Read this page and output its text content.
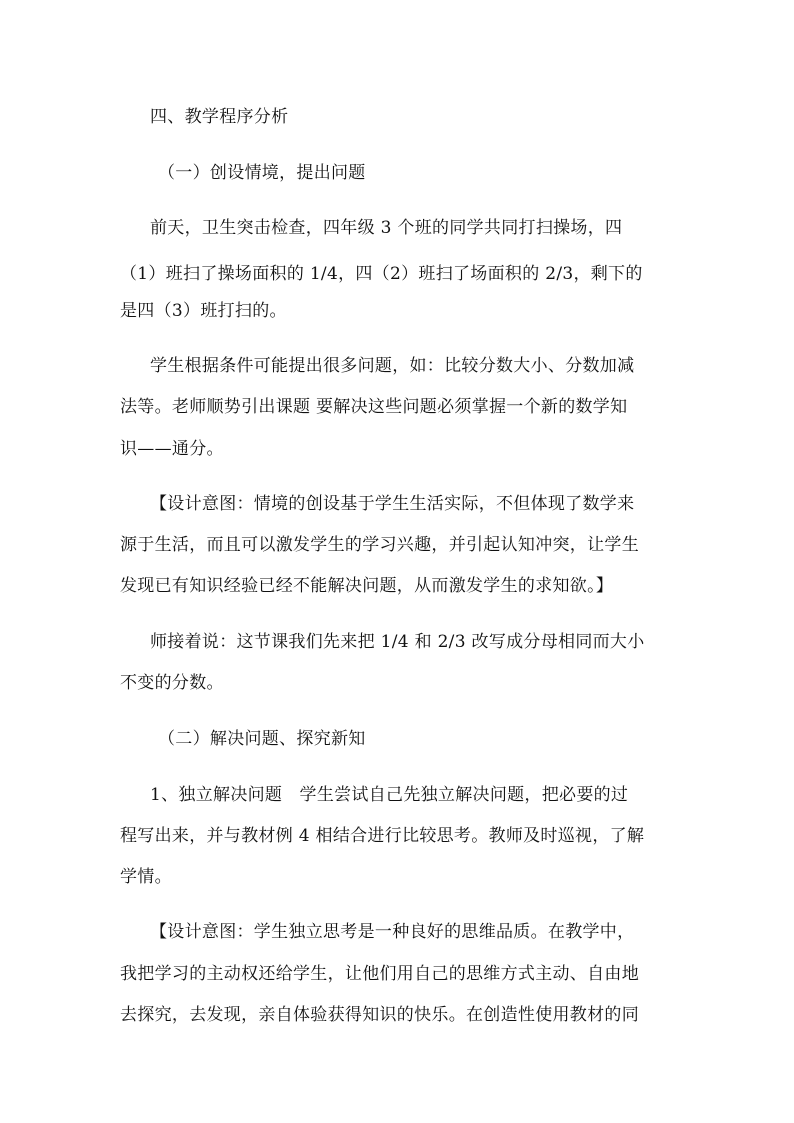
四、教学程序分析
（一）创设情境，提出问题
前天，卫生突击检查，四年级 3 个班的同学共同打扫操场，四
（1）班扫了操场面积的 1/4，四（2）班扫了场面积的 2/3，剩下的
是四（3）班打扫的。
学生根据条件可能提出很多问题，如：比较分数大小、分数加减
法等。老师顺势引出课题 要解决这些问题必须掌握一个新的数学知
识——通分。
【设计意图：情境的创设基于学生生活实际，不但体现了数学来
源于生活，而且可以激发学生的学习兴趣，并引起认知冲突，让学生
发现已有知识经验已经不能解决问题，从而激发学生的求知欲。】
师接着说：这节课我们先来把 1/4 和 2/3 改写成分母相同而大小
不变的分数。
（二）解决问题、探究新知
1、独立解决问题　学生尝试自己先独立解决问题，把必要的过
程写出来，并与教材例 4 相结合进行比较思考。教师及时巡视，了解
学情。
【设计意图：学生独立思考是一种良好的思维品质。在教学中，
我把学习的主动权还给学生，让他们用自己的思维方式主动、自由地
去探究，去发现，亲自体验获得知识的快乐。在创造性使用教材的同
